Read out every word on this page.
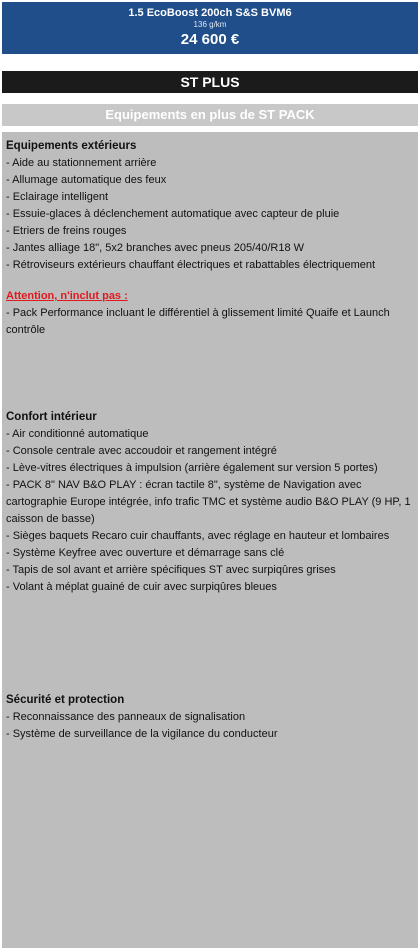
1.5 EcoBoost 200ch S&S BVM6
136 g/km
24 600 €
ST PLUS
Equipements en plus de ST PACK
Equipements extérieurs
- Aide au stationnement arrière
- Allumage automatique des feux
- Eclairage intelligent
- Essuie-glaces à déclenchement automatique avec capteur de pluie
- Etriers de freins rouges
- Jantes alliage 18", 5x2 branches avec pneus 205/40/R18 W
- Rétroviseurs extérieurs chauffant électriques et rabattables électriquement
Attention, n'inclut pas :
- Pack Performance incluant le différentiel à glissement limité Quaife et Launch contrôle
Confort intérieur
- Air conditionné automatique
- Console centrale avec accoudoir et rangement intégré
- Lève-vitres électriques à impulsion (arrière également sur version 5 portes)
- PACK 8" NAV B&O PLAY : écran tactile 8", système de Navigation avec cartographie Europe intégrée, info trafic TMC et système audio B&O PLAY (9 HP, 1 caisson de basse)
- Sièges baquets Recaro cuir chauffants, avec réglage en hauteur et lombaires
- Système Keyfree avec ouverture et démarrage sans clé
- Tapis de sol avant et arrière spécifiques ST avec surpiqûres grises
- Volant à méplat guainé de cuir avec surpiqûres bleues
Sécurité et protection
- Reconnaissance des panneaux de signalisation
- Système de surveillance de la vigilance du conducteur
